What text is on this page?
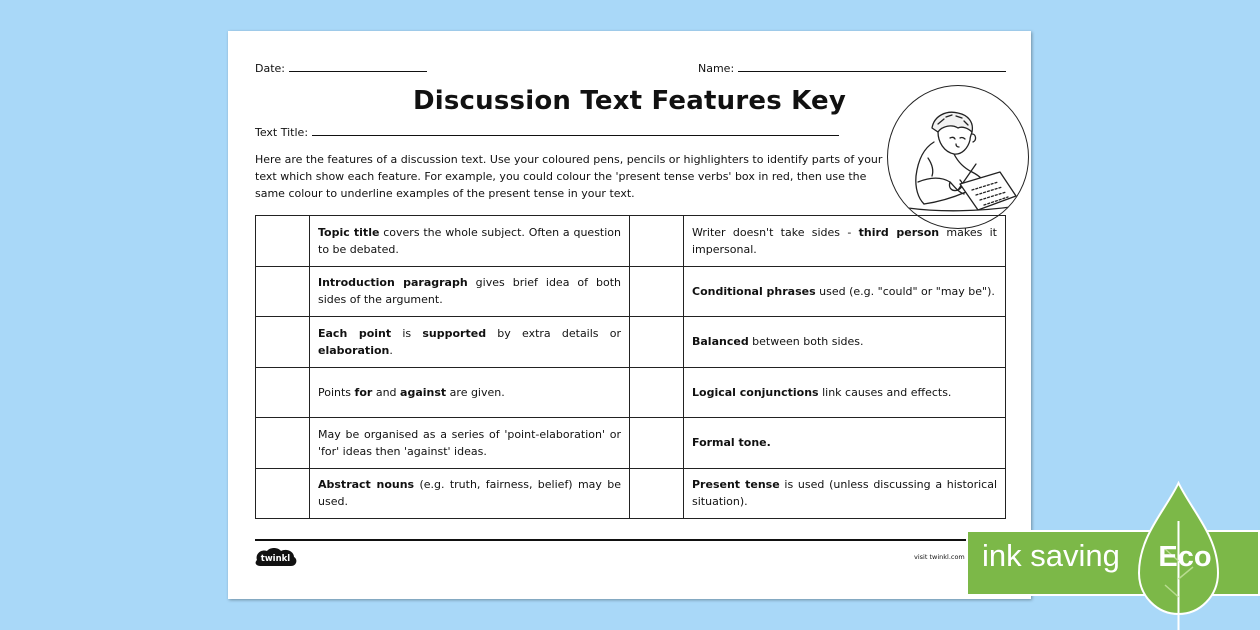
Date:	Name:
Discussion Text Features Key
Text Title:

Here are the features of a discussion text. Use your coloured pens, pencils or highlighters to identify parts of your text which show each feature. For example, you could colour the 'present tense verbs' box in red, then use the same colour to underline examples of the present tense in your text.

	Topic title covers the whole subject. Often a question to be debated.		Writer doesn't take sides - third person makes it impersonal.
	Introduction paragraph gives brief idea of both sides of the argument.		Conditional phrases used (e.g. "could" or "may be").
	Each point is supported by extra details or elaboration.		Balanced between both sides.
	Points for and against are given.		Logical conjunctions link causes and effects.
	May be organised as a series of 'point-elaboration' or 'for' ideas then 'against' ideas.		Formal tone.
	Abstract nouns (e.g. truth, fairness, belief) may be used.		Present tense is used (unless discussing a historical situation).
twinkl	visit twinkl.com ink saving Eco
